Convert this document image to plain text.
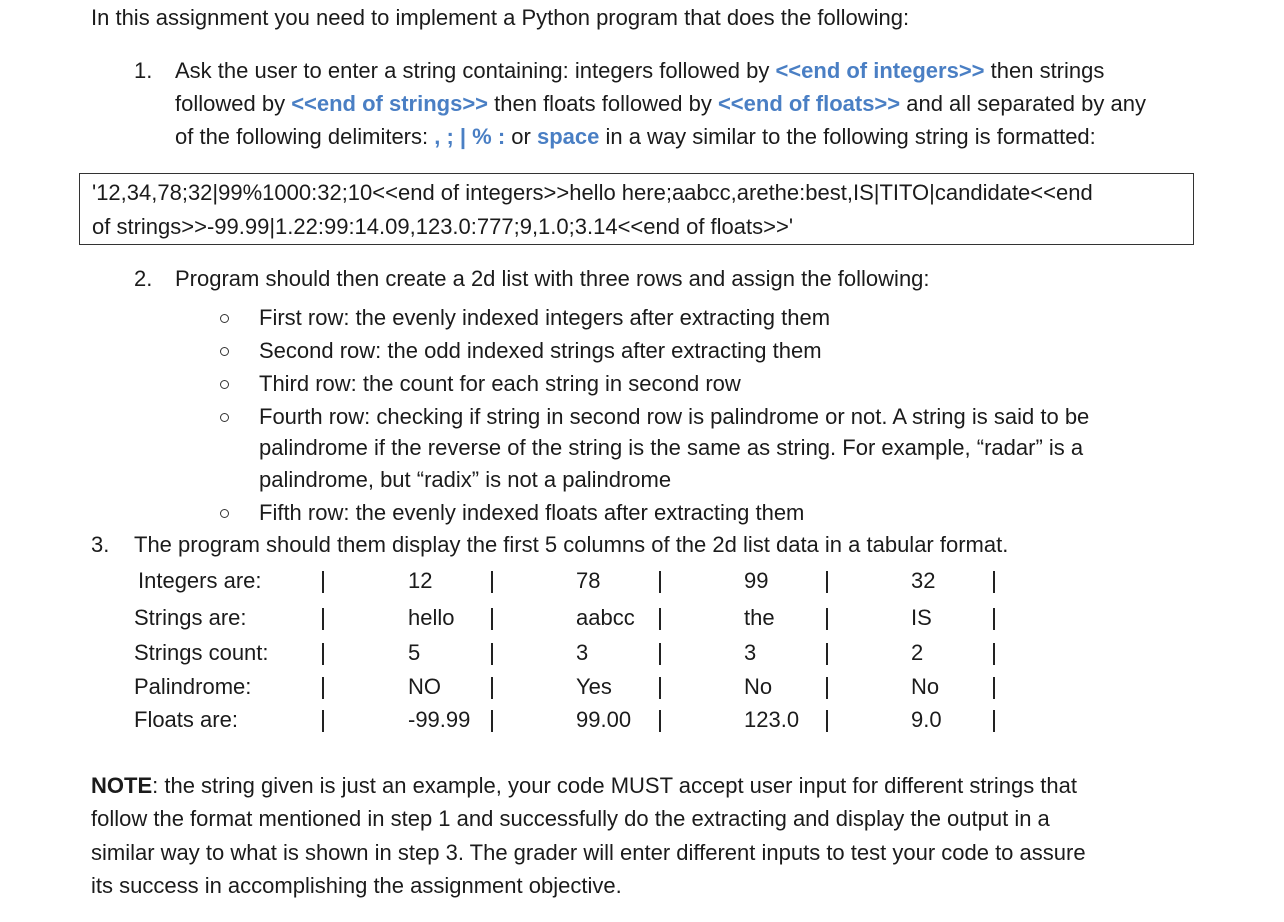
In this assignment you need to implement a Python program that does the following:
1. Ask the user to enter a string containing: integers followed by <<end of integers>> then strings
followed by <<end of strings>> then floats followed by <<end of floats>> and all separated by any
of the following delimiters: , ; | % : or space in a way similar to the following string is formatted:
'12,34,78;32|99%1000:32;10<<end of integers>>hello here;aabcc,arethe:best,IS|TITO|candidate<<end
of strings>>-99.99|1.22:99:14.09,123.0:777;9,1.0;3.14<<end of floats>>'
2. Program should then create a 2d list with three rows and assign the following:
First row: the evenly indexed integers after extracting them
Second row: the odd indexed strings after extracting them
Third row: the count for each string in second row
Fourth row: checking if string in second row is palindrome or not. A string is said to be
palindrome if the reverse of the string is the same as string. For example, “radar” is a
palindrome, but “radix” is not a palindrome
Fifth row: the evenly indexed floats after extracting them
3. The program should them display the first 5 columns of the 2d list data in a tabular format.
Integers are:	12	78	99	32
Strings are:	hello	aabcc	the	IS
Strings count:	5	3	3	2
Palindrome:	NO	Yes	No	No
Floats are:	-99.99	99.00	123.0	9.0
NOTE: the string given is just an example, your code MUST accept user input for different strings that
follow the format mentioned in step 1 and successfully do the extracting and display the output in a
similar way to what is shown in step 3. The grader will enter different inputs to test your code to assure
its success in accomplishing the assignment objective.
